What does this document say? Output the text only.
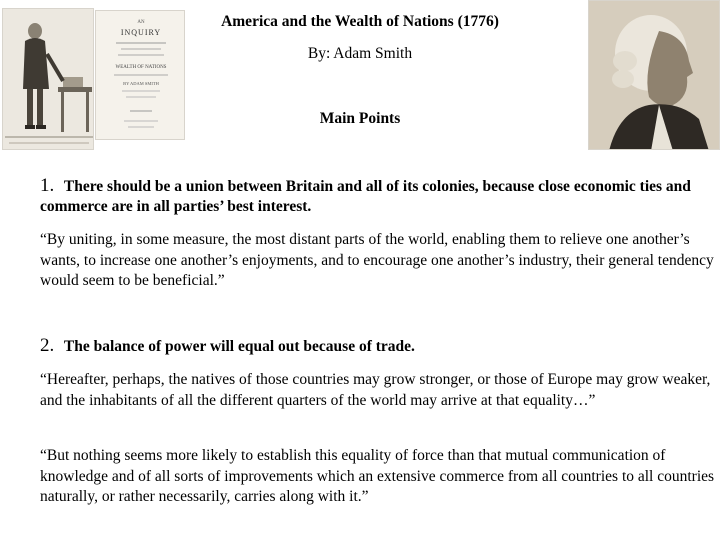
AN
INQUIRY
WEALTH OF NATIONS
BY ADAM SMITH
America and the Wealth of Nations (1776)
By: Adam Smith
Main Points
1. There should be a union between Britain and all of its colonies, because close economic ties and commerce are in all parties’ best interest.
“By uniting, in some measure, the most distant parts of the world, enabling them to relieve one another’s wants, to increase one another’s enjoyments, and to encourage one another’s industry, their general tendency would seem to be beneficial.”
2. The balance of power will equal out because of trade.
“Hereafter, perhaps, the natives of those countries may grow stronger, or those of Europe may grow weaker, and the inhabitants of all the different quarters of the world may arrive at that equality…”
“But nothing seems more likely to establish this equality of force than that mutual communication of knowledge and of all sorts of improvements which an extensive commerce from all countries to all countries naturally, or rather necessarily, carries along with it.”
